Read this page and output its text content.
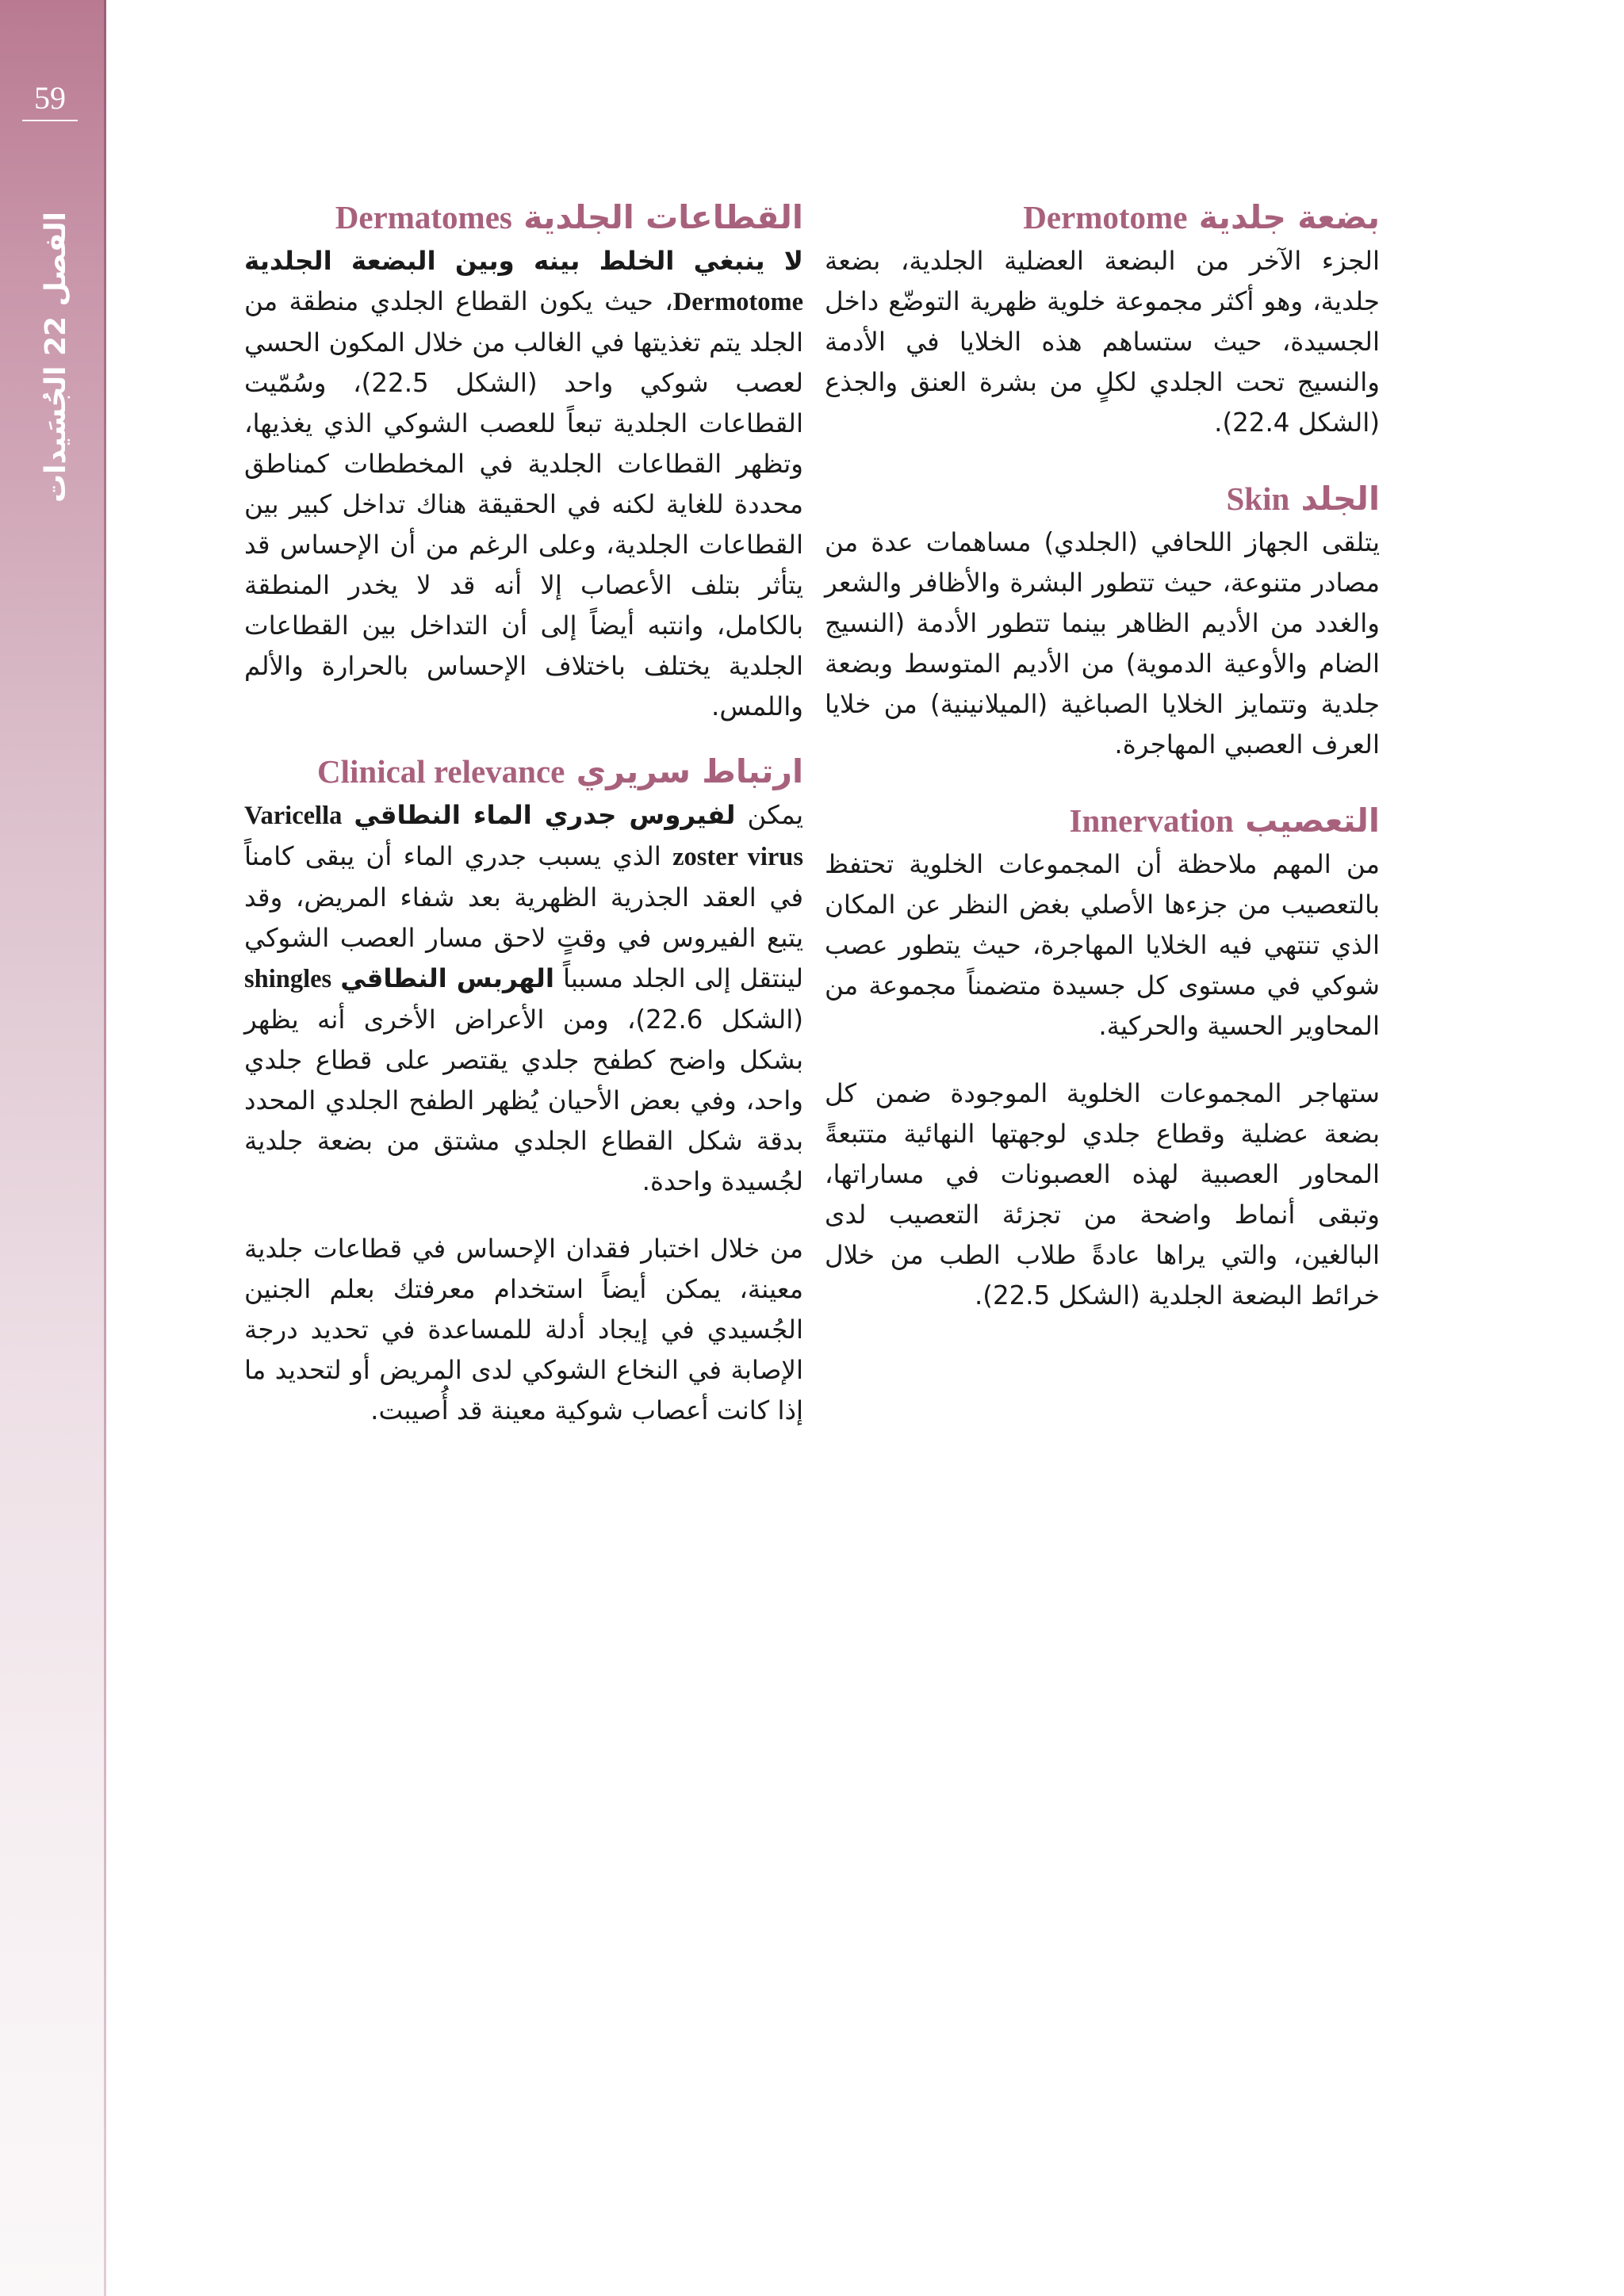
59
الفصل 22 الجُسَيدات	بضعة جلدية Dermotome

الجزء الآخر من البضعة العضلية الجلدية، بضعة جلدية، وهو أكثر مجموعة خلوية ظهرية التوضّع داخل الجسيدة، حيث ستساهم هذه الخلايا في الأدمة والنسيج تحت الجلدي لكلٍ من بشرة العنق والجذع (الشكل 22.4).

الجلد Skin

يتلقى الجهاز اللحافي (الجلدي) مساهمات عدة من مصادر متنوعة، حيث تتطور البشرة والأظافر والشعر والغدد من الأديم الظاهر بينما تتطور الأدمة (النسيج الضام والأوعية الدموية) من الأديم المتوسط وبضعة جلدية وتتمايز الخلايا الصباغية (الميلانينية) من خلايا العرف العصبي المهاجرة.

التعصيب Innervation

من المهم ملاحظة أن المجموعات الخلوية تحتفظ بالتعصيب من جزءها الأصلي بغض النظر عن المكان الذي تنتهي فيه الخلايا المهاجرة، حيث يتطور عصب شوكي في مستوى كل جسيدة متضمناً مجموعة من المحاوير الحسية والحركية.

ستهاجر المجموعات الخلوية الموجودة ضمن كل بضعة عضلية وقطاع جلدي لوجهتها النهائية متتبعةً المحاور العصبية لهذه العصبونات في مساراتها، وتبقى أنماط واضحة من تجزئة التعصيب لدى البالغين، والتي يراها عادةً طلاب الطب من خلال خرائط البضعة الجلدية (الشكل 22.5).

القطاعات الجلدية Dermatomes

لا ينبغي الخلط بينه وبين البضعة الجلدية Dermotome، حيث يكون القطاع الجلدي منطقة من الجلد يتم تغذيتها في الغالب من خلال المكون الحسي لعصب شوكي واحد (الشكل 22.5)، وسُمّيت القطاعات الجلدية تبعاً للعصب الشوكي الذي يغذيها، وتظهر القطاعات الجلدية في المخططات كمناطق محددة للغاية لكنه في الحقيقة هناك تداخل كبير بين القطاعات الجلدية، وعلى الرغم من أن الإحساس قد يتأثر بتلف الأعصاب إلا أنه قد لا يخدر المنطقة بالكامل، وانتبه أيضاً إلى أن التداخل بين القطاعات الجلدية يختلف باختلاف الإحساس بالحرارة والألم واللمس.

ارتباط سريري Clinical relevance

يمكن لفيروس جدري الماء النطاقي Varicella zoster virus الذي يسبب جدري الماء أن يبقى كامناً في العقد الجذرية الظهرية بعد شفاء المريض، وقد يتبع الفيروس في وقتٍ لاحق مسار العصب الشوكي لينتقل إلى الجلد مسبباً الهربس النطاقي shingles (الشكل 22.6)، ومن الأعراض الأخرى أنه يظهر بشكل واضح كطفح جلدي يقتصر على قطاع جلدي واحد، وفي بعض الأحيان يُظهر الطفح الجلدي المحدد بدقة شكل القطاع الجلدي مشتق من بضعة جلدية لجُسيدة واحدة.

من خلال اختبار فقدان الإحساس في قطاعات جلدية معينة، يمكن أيضاً استخدام معرفتك بعلم الجنين الجُسيدي في إيجاد أدلة للمساعدة في تحديد درجة الإصابة في النخاع الشوكي لدى المريض أو لتحديد ما إذا كانت أعصاب شوكية معينة قد أُصيبت.
